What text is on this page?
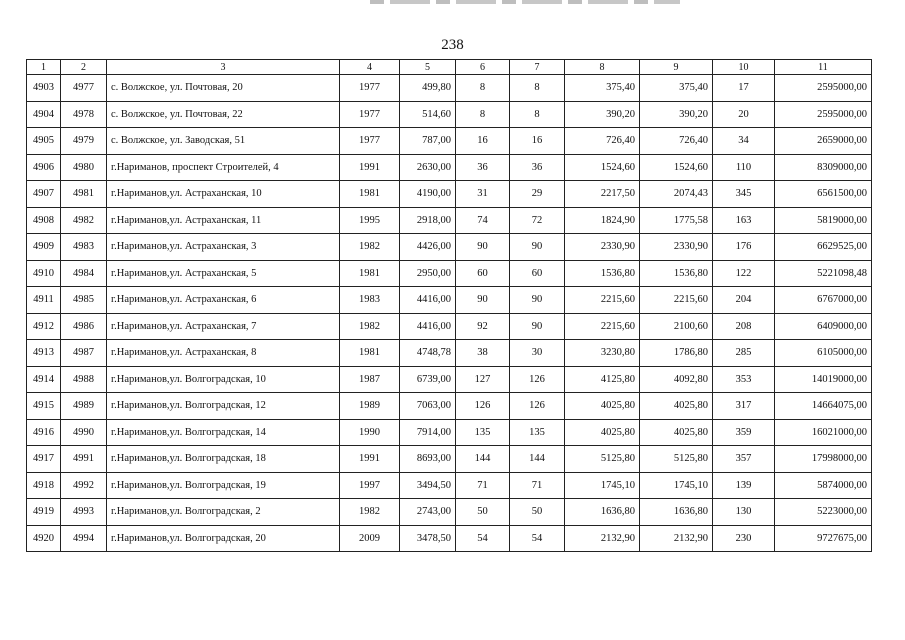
238
1	2	3	4	5	6	7	8	9	10	11
4903	4977	с. Волжское, ул. Почтовая, 20	1977	499,80	8	8	375,40	375,40	17	2595000,00
4904	4978	с. Волжское, ул. Почтовая, 22	1977	514,60	8	8	390,20	390,20	20	2595000,00
4905	4979	с. Волжское, ул. Заводская, 51	1977	787,00	16	16	726,40	726,40	34	2659000,00
4906	4980	г.Нариманов, проспект Строителей, 4	1991	2630,00	36	36	1524,60	1524,60	110	8309000,00
4907	4981	г.Нариманов,ул. Астраханская, 10	1981	4190,00	31	29	2217,50	2074,43	345	6561500,00
4908	4982	г.Нариманов,ул. Астраханская, 11	1995	2918,00	74	72	1824,90	1775,58	163	5819000,00
4909	4983	г.Нариманов,ул. Астраханская, 3	1982	4426,00	90	90	2330,90	2330,90	176	6629525,00
4910	4984	г.Нариманов,ул. Астраханская, 5	1981	2950,00	60	60	1536,80	1536,80	122	5221098,48
4911	4985	г.Нариманов,ул. Астраханская, 6	1983	4416,00	90	90	2215,60	2215,60	204	6767000,00
4912	4986	г.Нариманов,ул. Астраханская, 7	1982	4416,00	92	90	2215,60	2100,60	208	6409000,00
4913	4987	г.Нариманов,ул. Астраханская, 8	1981	4748,78	38	30	3230,80	1786,80	285	6105000,00
4914	4988	г.Нариманов,ул. Волгоградская, 10	1987	6739,00	127	126	4125,80	4092,80	353	14019000,00
4915	4989	г.Нариманов,ул. Волгоградская, 12	1989	7063,00	126	126	4025,80	4025,80	317	14664075,00
4916	4990	г.Нариманов,ул. Волгоградская, 14	1990	7914,00	135	135	4025,80	4025,80	359	16021000,00
4917	4991	г.Нариманов,ул. Волгоградская, 18	1991	8693,00	144	144	5125,80	5125,80	357	17998000,00
4918	4992	г.Нариманов,ул. Волгоградская, 19	1997	3494,50	71	71	1745,10	1745,10	139	5874000,00
4919	4993	г.Нариманов,ул. Волгоградская, 2	1982	2743,00	50	50	1636,80	1636,80	130	5223000,00
4920	4994	г.Нариманов,ул. Волгоградская, 20	2009	3478,50	54	54	2132,90	2132,90	230	9727675,00
